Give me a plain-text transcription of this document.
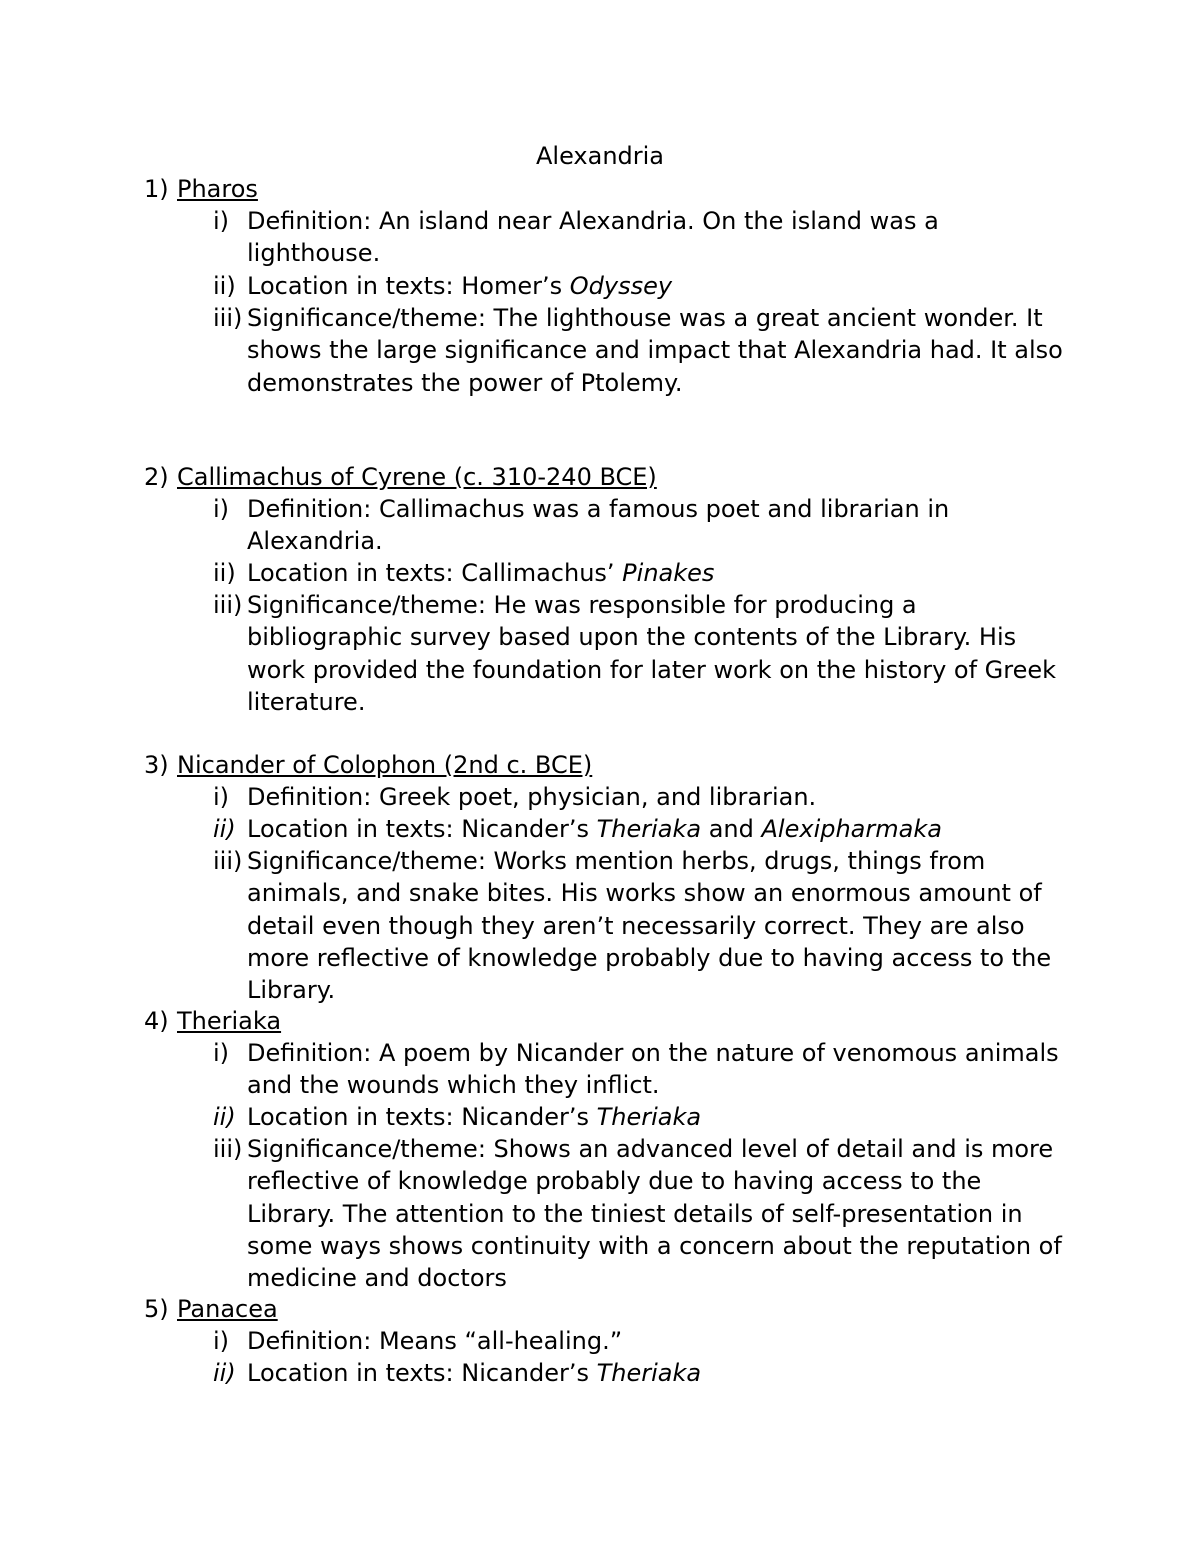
Alexandria
1) Pharos
i) Definition: An island near Alexandria. On the island was a lighthouse.
ii) Location in texts: Homer’s Odyssey
iii) Significance/theme: The lighthouse was a great ancient wonder. It shows the large significance and impact that Alexandria had. It also demonstrates the power of Ptolemy.
2) Callimachus of Cyrene (c. 310-240 BCE)
i) Definition: Callimachus was a famous poet and librarian in Alexandria.
ii) Location in texts: Callimachus’ Pinakes
iii) Significance/theme: He was responsible for producing a bibliographic survey based upon the contents of the Library. His work provided the foundation for later work on the history of Greek literature.
3) Nicander of Colophon (2nd c. BCE)
i) Definition: Greek poet, physician, and librarian.
ii) Location in texts: Nicander’s Theriaka and Alexipharmaka
iii) Significance/theme: Works mention herbs, drugs, things from animals, and snake bites. His works show an enormous amount of detail even though they aren’t necessarily correct. They are also more reflective of knowledge probably due to having access to the Library.
4) Theriaka
i) Definition: A poem by Nicander on the nature of venomous animals and the wounds which they inflict.
ii) Location in texts: Nicander’s Theriaka
iii) Significance/theme: Shows an advanced level of detail and is more reflective of knowledge probably due to having access to the Library. The attention to the tiniest details of self-presentation in some ways shows continuity with a concern about the reputation of medicine and doctors
5) Panacea
i) Definition: Means “all-healing.”
ii) Location in texts: Nicander’s Theriaka
